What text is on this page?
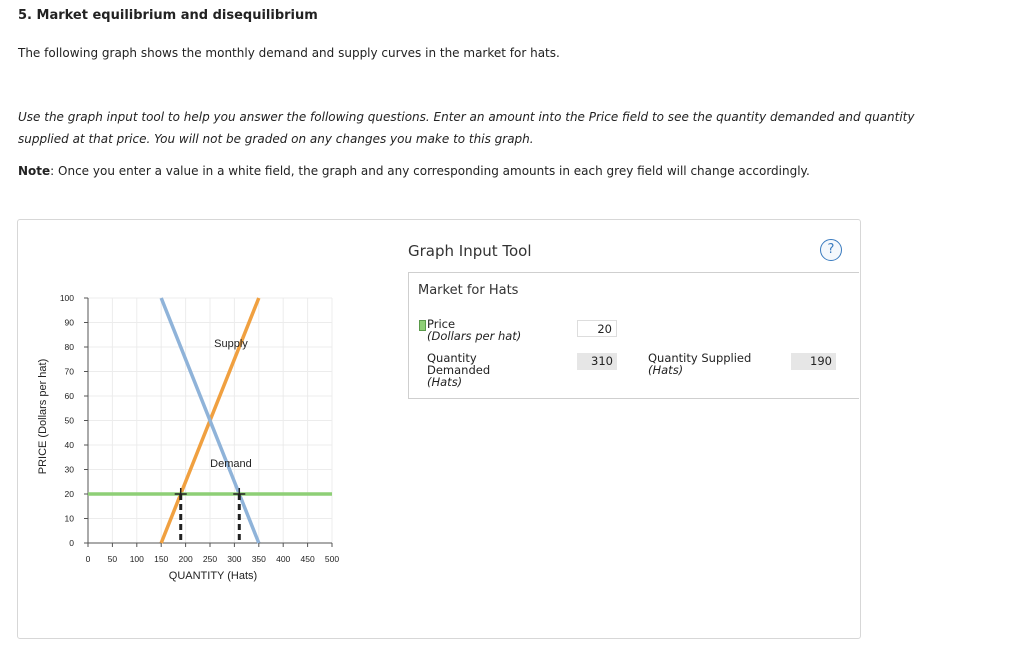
5. Market equilibrium and disequilibrium
The following graph shows the monthly demand and supply curves in the market for hats.
Use the graph input tool to help you answer the following questions. Enter an amount into the Price field to see the quantity demanded and quantity
supplied at that price. You will not be graded on any changes you make to this graph.
Note: Once you enter a value in a white field, the graph and any corresponding amounts in each grey field will change accordingly.
0
10
20
30
40
50
60
70
80
90
100
0 50 100 150 200 250 300 350 400 450 500
QUANTITY (Hats)
PRICE (Dollars per hat)
Supply
Demand
Graph Input Tool	?
Market for Hats
Price
(Dollars per hat)	20
Quantity
Demanded
(Hats)
310	Quantity Supplied
(Hats)
190
